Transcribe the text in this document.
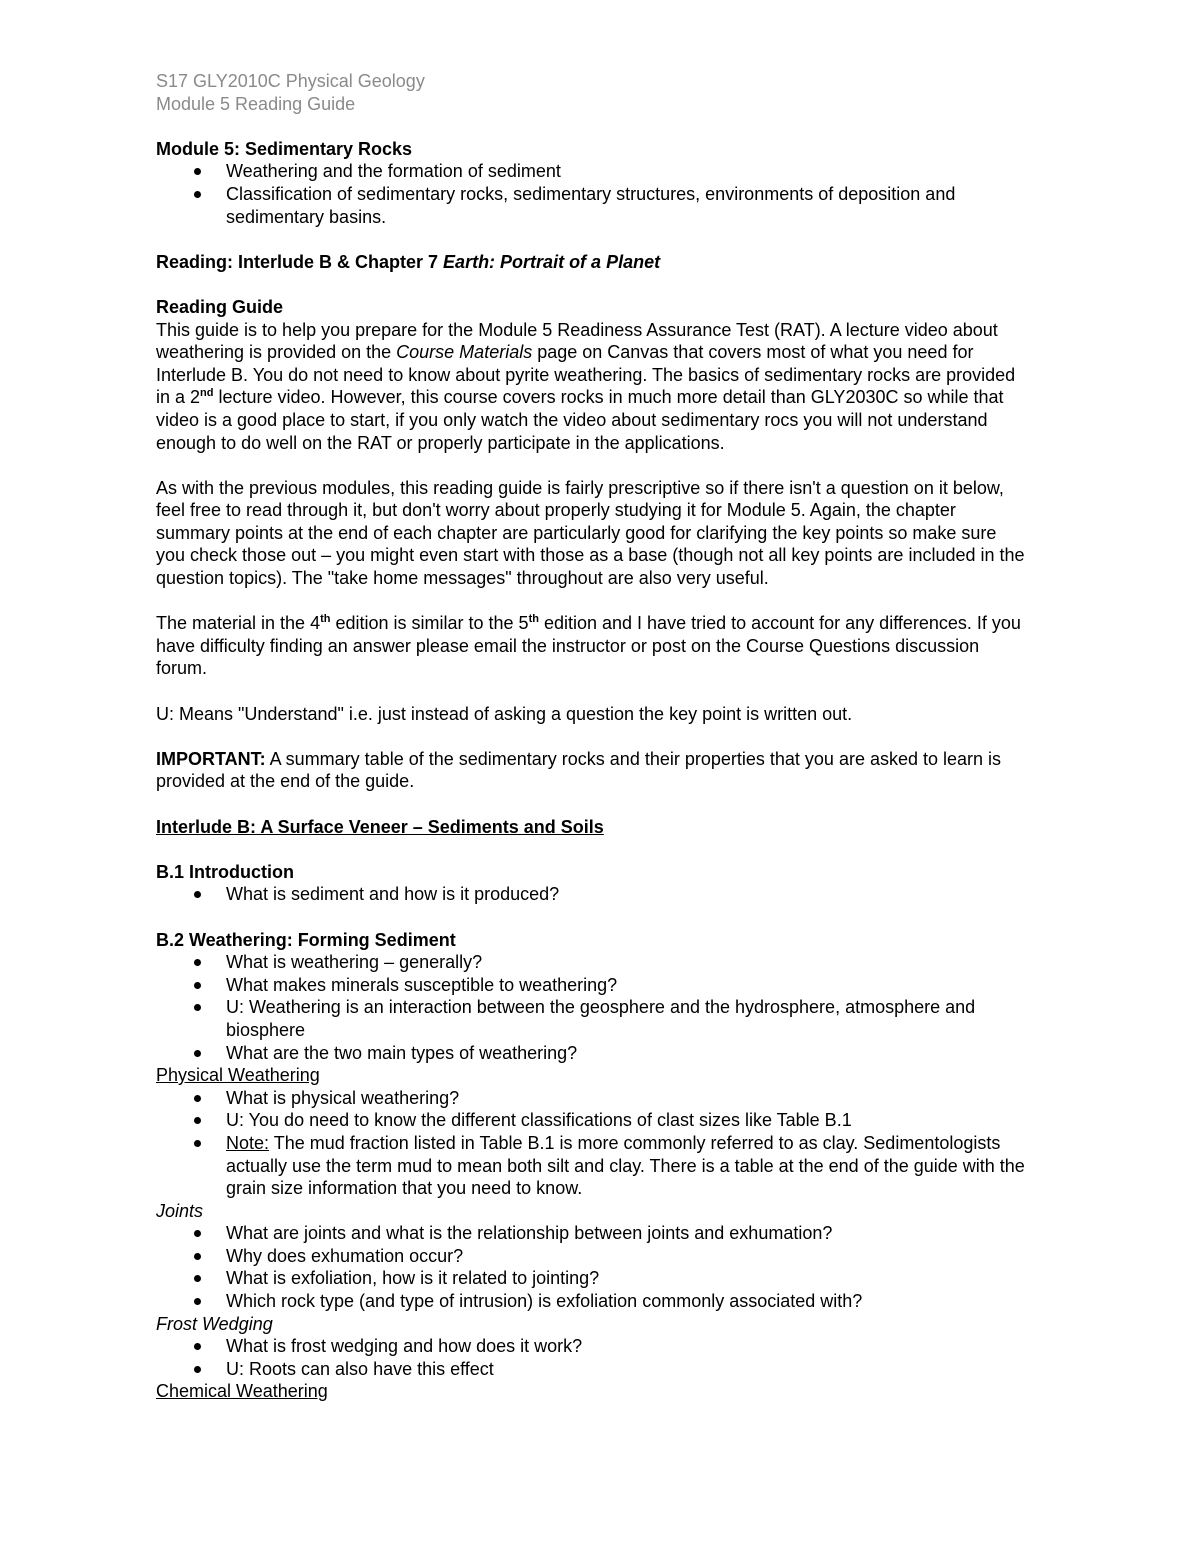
S17 GLY2010C Physical Geology
Module 5 Reading Guide
Module 5: Sedimentary Rocks
Weathering and the formation of sediment
Classification of sedimentary rocks, sedimentary structures, environments of deposition and sedimentary basins.

Reading: Interlude B & Chapter 7 Earth: Portrait of a Planet

Reading Guide

This guide is to help you prepare for the Module 5 Readiness Assurance Test (RAT). A lecture video about weathering is provided on the Course Materials page on Canvas that covers most of what you need for Interlude B. You do not need to know about pyrite weathering. The basics of sedimentary rocks are provided in a 2nd lecture video. However, this course covers rocks in much more detail than GLY2030C so while that video is a good place to start, if you only watch the video about sedimentary rocs you will not understand enough to do well on the RAT or properly participate in the applications.

As with the previous modules, this reading guide is fairly prescriptive so if there isn't a question on it below, feel free to read through it, but don't worry about properly studying it for Module 5. Again, the chapter summary points at the end of each chapter are particularly good for clarifying the key points so make sure you check those out – you might even start with those as a base (though not all key points are included in the question topics). The "take home messages" throughout are also very useful.

The material in the 4th edition is similar to the 5th edition and I have tried to account for any differences. If you have difficulty finding an answer please email the instructor or post on the Course Questions discussion forum.

U: Means "Understand" i.e. just instead of asking a question the key point is written out.

IMPORTANT: A summary table of the sedimentary rocks and their properties that you are asked to learn is provided at the end of the guide.

Interlude B: A Surface Veneer – Sediments and Soils
B.1 Introduction
What is sediment and how is it produced?
B.2 Weathering: Forming Sediment
What is weathering – generally?
What makes minerals susceptible to weathering?
U: Weathering is an interaction between the geosphere and the hydrosphere, atmosphere and biosphere
What are the two main types of weathering?
Physical Weathering
What is physical weathering?
U: You do need to know the different classifications of clast sizes like Table B.1
Note: The mud fraction listed in Table B.1 is more commonly referred to as clay. Sedimentologists actually use the term mud to mean both silt and clay. There is a table at the end of the guide with the grain size information that you need to know.
Joints
What are joints and what is the relationship between joints and exhumation?
Why does exhumation occur?
What is exfoliation, how is it related to jointing?
Which rock type (and type of intrusion) is exfoliation commonly associated with?
Frost Wedging
What is frost wedging and how does it work?
U: Roots can also have this effect
Chemical Weathering
